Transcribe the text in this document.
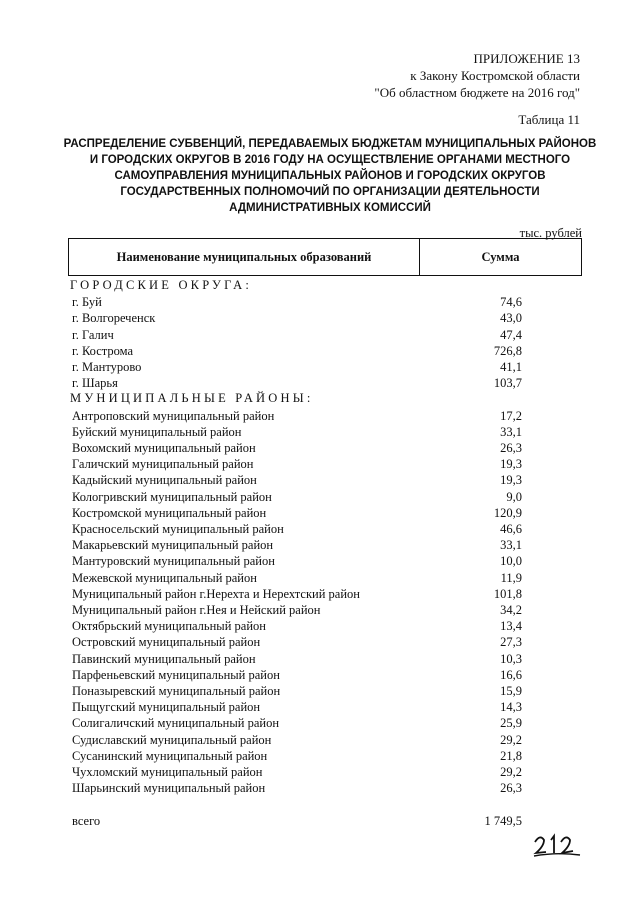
ПРИЛОЖЕНИЕ 13
к Закону Костромской области
"Об областном бюджете на 2016 год"
Таблица 11
РАСПРЕДЕЛЕНИЕ СУБВЕНЦИЙ, ПЕРЕДАВАЕМЫХ БЮДЖЕТАМ МУНИЦИПАЛЬНЫХ РАЙОНОВ И ГОРОДСКИХ ОКРУГОВ В 2016 ГОДУ НА ОСУЩЕСТВЛЕНИЕ ОРГАНАМИ МЕСТНОГО САМОУПРАВЛЕНИЯ МУНИЦИПАЛЬНЫХ РАЙОНОВ И ГОРОДСКИХ ОКРУГОВ ГОСУДАРСТВЕННЫХ ПОЛНОМОЧИЙ ПО ОРГАНИЗАЦИИ ДЕЯТЕЛЬНОСТИ АДМИНИСТРАТИВНЫХ КОМИССИЙ
тыс. рублей
Наименование муниципальных образований	Сумма
ГОРОДСКИЕ ОКРУГА:
г. Буй	74,6
г. Волгореченск	43,0
г. Галич	47,4
г. Кострома	726,8
г. Мантурово	41,1
г. Шарья	103,7
МУНИЦИПАЛЬНЫЕ РАЙОНЫ:
Антроповский муниципальный район	17,2
Буйский муниципальный район	33,1
Вохомский муниципальный район	26,3
Галичский муниципальный район	19,3
Кадыйский муниципальный район	19,3
Кологривский муниципальный район	9,0
Костромской муниципальный район	120,9
Красносельский муниципальный район	46,6
Макарьевский муниципальный район	33,1
Мантуровский муниципальный район	10,0
Межевской муниципальный район	11,9
Муниципальный район г.Нерехта и Нерехтский район	101,8
Муниципальный район г.Нея и Нейский район	34,2
Октябрьский муниципальный район	13,4
Островский муниципальный район	27,3
Павинский муниципальный район	10,3
Парфеньевский муниципальный район	16,6
Поназыревский муниципальный район	15,9
Пыщугский муниципальный район	14,3
Солигаличский муниципальный район	25,9
Судиславский муниципальный район	29,2
Сусанинский муниципальный район	21,8
Чухломский муниципальный район	29,2
Шарьинский муниципальный район	26,3
всего	1 749,5
